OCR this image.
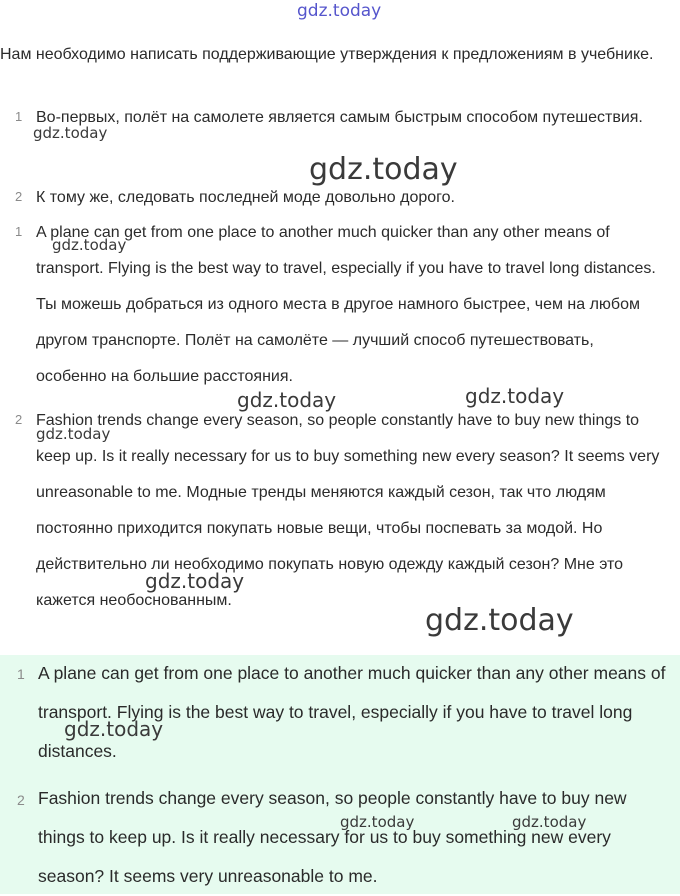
gdz.today

Нам необходимо написать поддерживающие утверждения к предложениям в учебнике.

1 Во-первых, полёт на самолете является самым быстрым способом путешествия.

gdz.today
gdz.today
2 К тому же, следовать последней моде довольно дорого.

1 A plane can get from one place to another much quicker than any other means of transport. Flying is the best way to travel, especially if you have to travel long distances. Ты можешь добраться из одного места в другое намного быстрее, чем на любом другом транспорте. Полёт на самолёте — лучший способ путешествовать, особенно на большие расстояния.

gdz.today
gdz.today	gdz.today
2 Fashion trends change every season, so people constantly have to buy new things to keep up. Is it really necessary for us to buy something new every season? It seems very unreasonable to me. Модные тренды меняются каждый сезон, так что людям постоянно приходится покупать новые вещи, чтобы поспевать за модой. Но действительно ли необходимо покупать новую одежду каждый сезон? Мне это кажется необоснованным.

gdz.today
gdz.today
gdz.today
1 A plane can get from one place to another much quicker than any other means of transport. Flying is the best way to travel, especially if you have to travel long distances.

2 Fashion trends change every season, so people constantly have to buy new things to keep up. Is it really necessary for us to buy something new every season? It seems very unreasonable to me.

gdz.today
gdz.today	gdz.today
